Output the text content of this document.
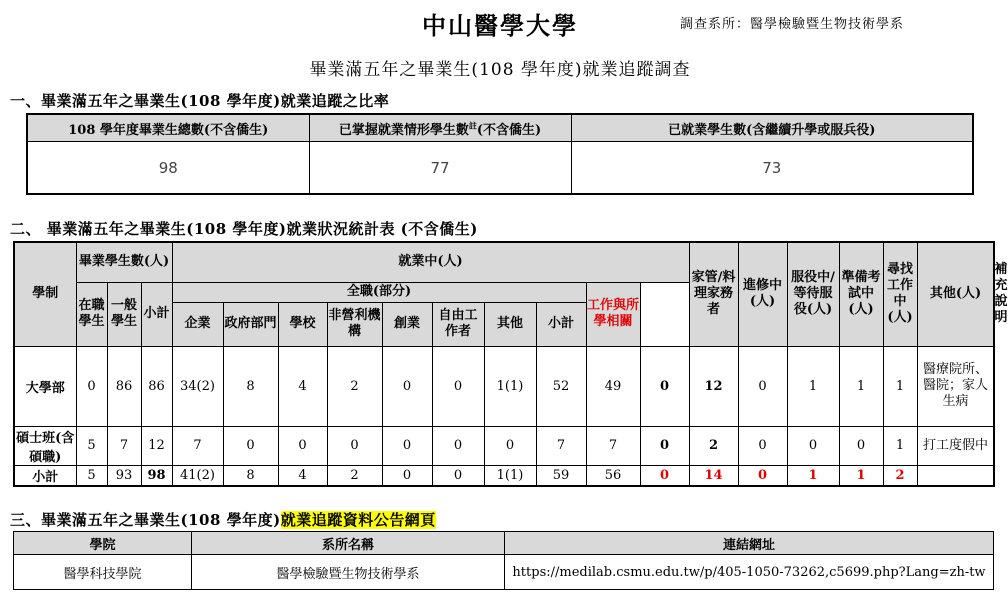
中山醫學大學	調查系所：醫學檢驗暨生物技術學系
畢業滿五年之畢業生(108 學年度)就業追蹤調查
一、畢業滿五年之畢業生(108 學年度)就業追蹤之比率
108 學年度畢業生總數(不含僑生)	已掌握就業情形學生數$^註$(不含僑生)	已就業學生數(含繼續升學或服兵役)
98	77	73
二、 畢業滿五年之畢業生(108 學年度)就業狀況統計表 (不含僑生)
學制	畢業學生數(人)			就業中(人)										家管/料理家務者	進修中(人)	服役中/等待服役(人)	準備考試中(人)	尋找工作中(人)	其他(人)	補充說明
	在職學生	一般學生	小計	全職(部分)								工作與所學相關								
				企業	政府部門	學校	非營利機構	創業	自由工作者	其他	小計									
大學部	0	86	86	34(2)	8	4	2	0	0	1(1)	52	49	0	12	0	1	1	1	醫療院所、醫院；家人生病	
碩士班(含碩職)	5	7	12	7	0	0	0	0	0	0	7	7	0	2	0	0	0	1	打工度假中	
小計	5	93	98	41(2)	8	4	2	0	0	1(1)	59	56	0	14	0	1	1	2		
三、畢業滿五年之畢業生(108 學年度)就業追蹤資料公告網頁
學院	系所名稱	連結網址
醫學科技學院	醫學檢驗暨生物技術學系	https://medilab.csmu.edu.tw/p/405-1050-73262,c5699.php?Lang=zh-tw
